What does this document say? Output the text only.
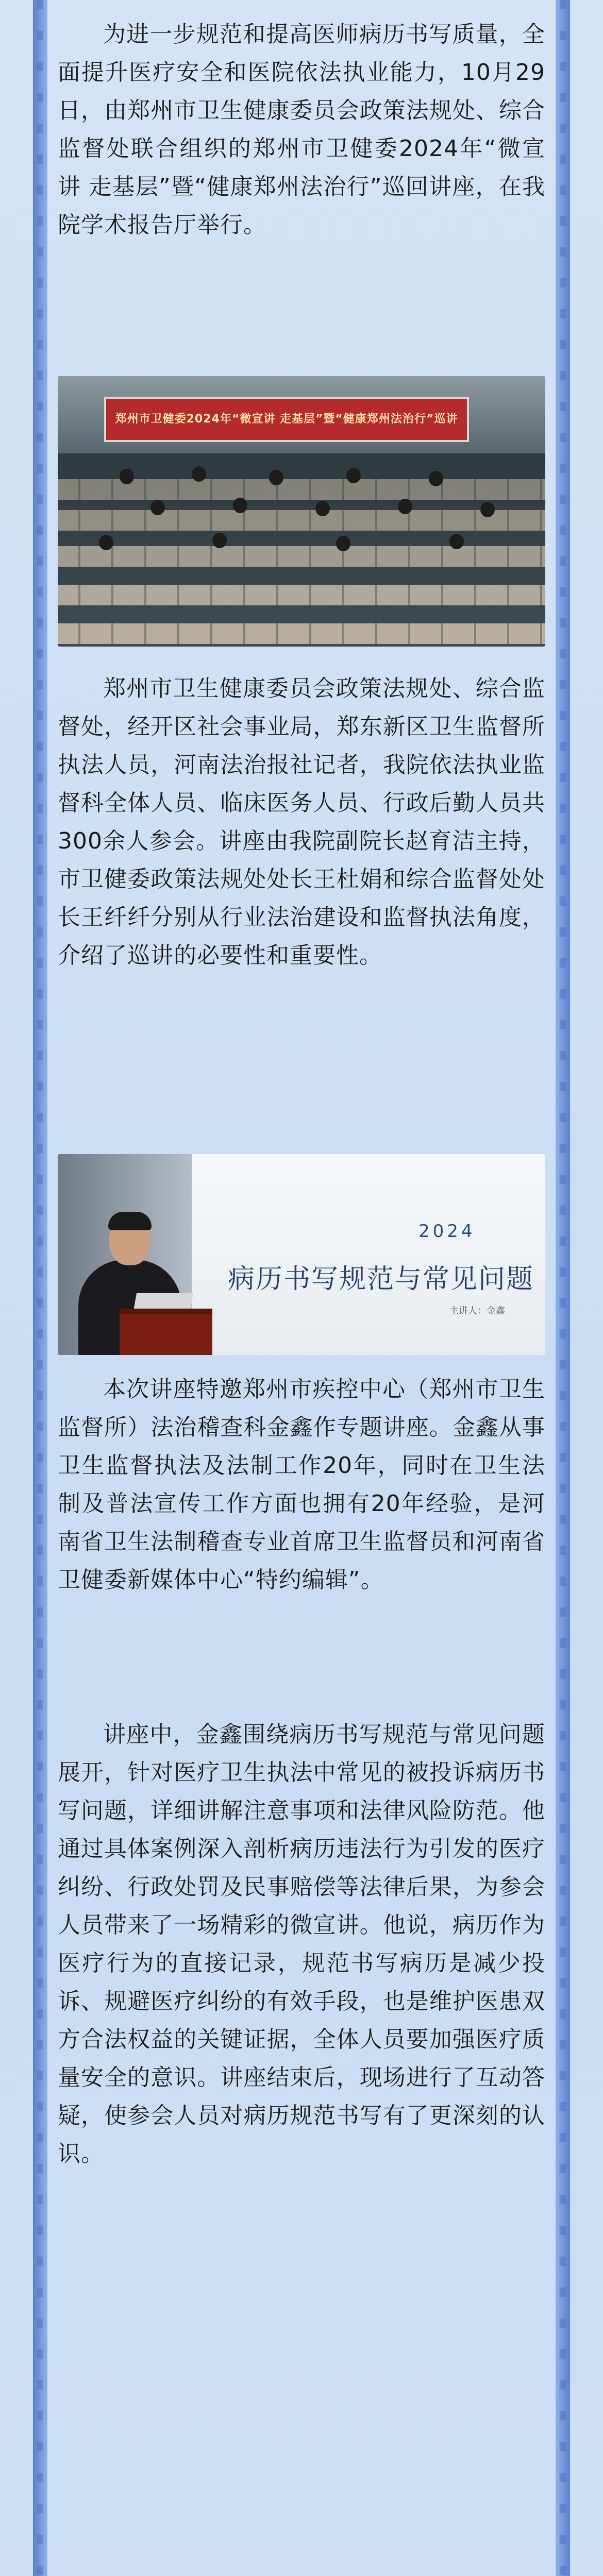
为进一步规范和提高医师病历书写质量，全面提升医疗安全和医院依法执业能力，10月29日，由郑州市卫生健康委员会政策法规处、综合监督处联合组织的郑州市卫健委2024年“微宣讲 走基层”暨“健康郑州法治行”巡回讲座，在我院学术报告厅举行。

郑州市卫健委2024年“微宣讲 走基层”暨“健康郑州法治行”巡讲

郑州市卫生健康委员会政策法规处、综合监督处，经开区社会事业局，郑东新区卫生监督所执法人员，河南法治报社记者，我院依法执业监督科全体人员、临床医务人员、行政后勤人员共300余人参会。讲座由我院副院长赵育洁主持，市卫健委政策法规处处长王杜娟和综合监督处处长王纤纤分别从行业法治建设和监督执法角度，介绍了巡讲的必要性和重要性。

2024
病历书写规范与常见问题
主讲人：金鑫

本次讲座特邀郑州市疾控中心（郑州市卫生监督所）法治稽查科金鑫作专题讲座。金鑫从事卫生监督执法及法制工作20年，同时在卫生法制及普法宣传工作方面也拥有20年经验，是河南省卫生法制稽查专业首席卫生监督员和河南省卫健委新媒体中心“特约编辑”。

讲座中，金鑫围绕病历书写规范与常见问题展开，针对医疗卫生执法中常见的被投诉病历书写问题，详细讲解注意事项和法律风险防范。他通过具体案例深入剖析病历违法行为引发的医疗纠纷、行政处罚及民事赔偿等法律后果，为参会人员带来了一场精彩的微宣讲。他说，病历作为医疗行为的直接记录，规范书写病历是减少投诉、规避医疗纠纷的有效手段，也是维护医患双方合法权益的关键证据，全体人员要加强医疗质量安全的意识。讲座结束后，现场进行了互动答疑，使参会人员对病历规范书写有了更深刻的认识。
